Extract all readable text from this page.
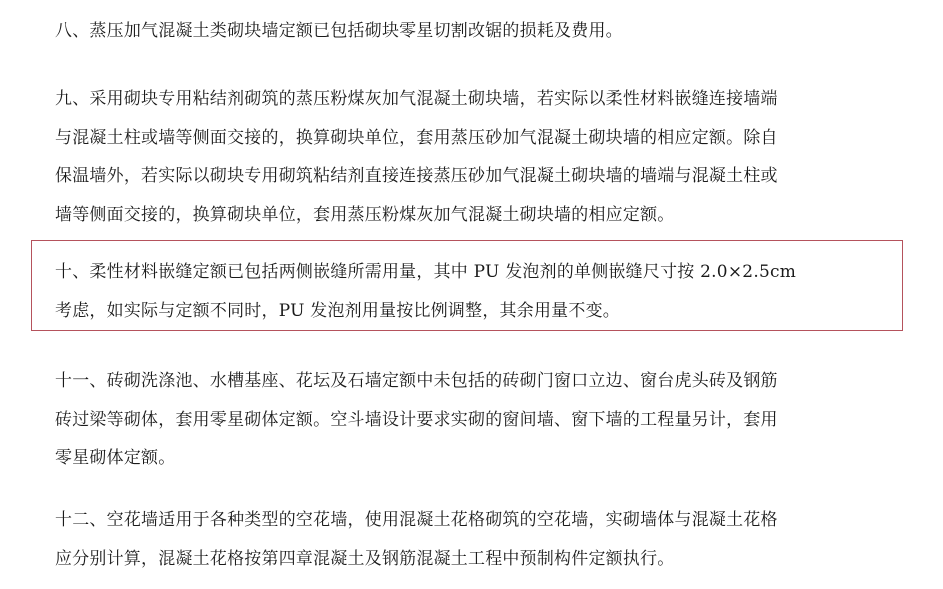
八、蒸压加气混凝土类砌块墙定额已包括砌块零星切割改锯的损耗及费用。
九、采用砌块专用粘结剂砌筑的蒸压粉煤灰加气混凝土砌块墙，若实际以柔性材料嵌缝连接墙端
与混凝土柱或墙等侧面交接的，换算砌块单位，套用蒸压砂加气混凝土砌块墙的相应定额。除自
保温墙外，若实际以砌块专用砌筑粘结剂直接连接蒸压砂加气混凝土砌块墙的墙端与混凝土柱或
墙等侧面交接的，换算砌块单位，套用蒸压粉煤灰加气混凝土砌块墙的相应定额。
十、柔性材料嵌缝定额已包括两侧嵌缝所需用量，其中 PU 发泡剂的单侧嵌缝尺寸按 2.0×2.5cm
考虑，如实际与定额不同时，PU 发泡剂用量按比例调整，其余用量不变。
十一、砖砌洗涤池、水槽基座、花坛及石墙定额中未包括的砖砌门窗口立边、窗台虎头砖及钢筋
砖过梁等砌体，套用零星砌体定额。空斗墙设计要求实砌的窗间墙、窗下墙的工程量另计，套用
零星砌体定额。
十二、空花墙适用于各种类型的空花墙，使用混凝土花格砌筑的空花墙，实砌墙体与混凝土花格
应分别计算，混凝土花格按第四章混凝土及钢筋混凝土工程中预制构件定额执行。
